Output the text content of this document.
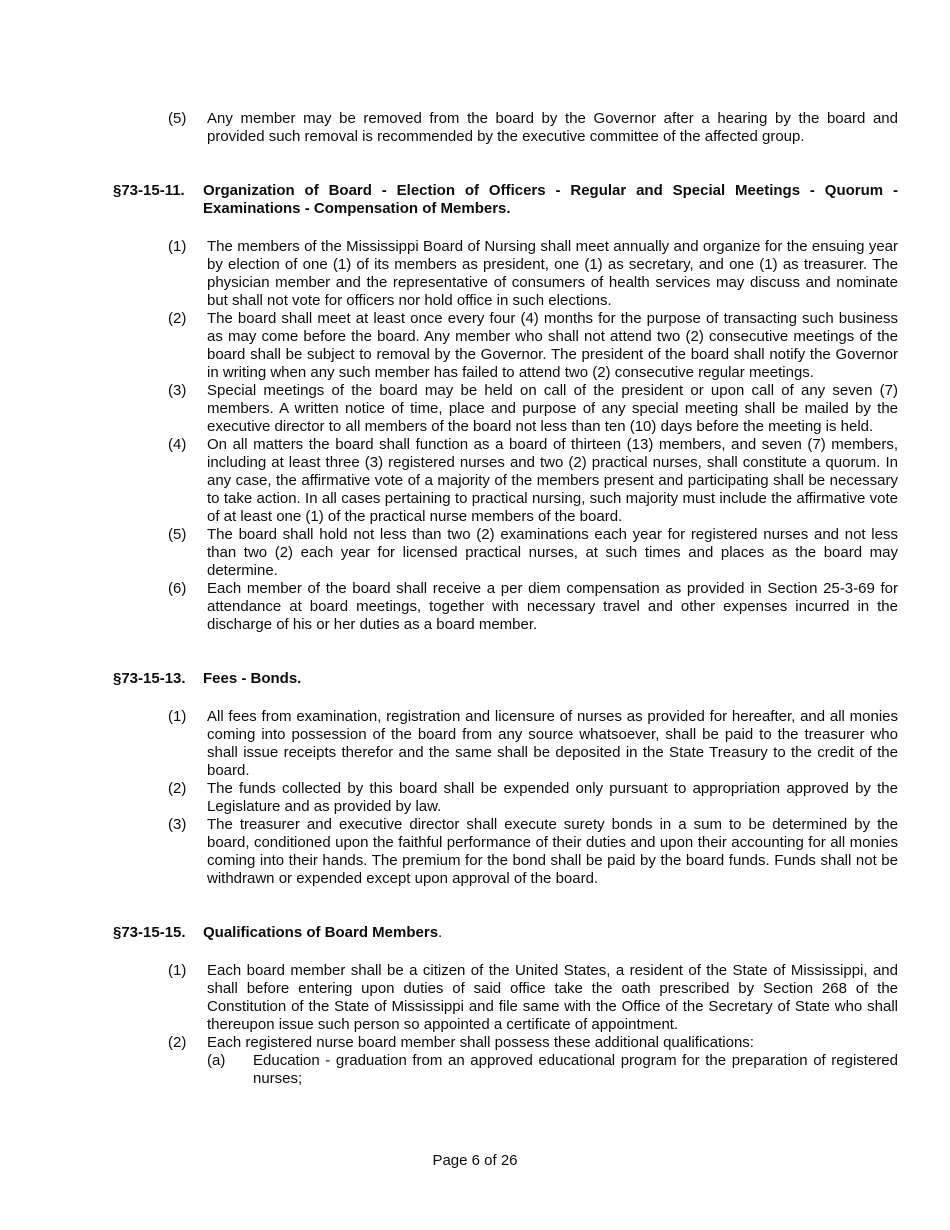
(5)	Any member may be removed from the board by the Governor after a hearing by the board and provided such removal is recommended by the executive committee of the affected group.
§73-15-11. Organization of Board - Election of Officers - Regular and Special Meetings - Quorum - Examinations - Compensation of Members.
(1)	The members of the Mississippi Board of Nursing shall meet annually and organize for the ensuing year by election of one (1) of its members as president, one (1) as secretary, and one (1) as treasurer. The physician member and the representative of consumers of health services may discuss and nominate but shall not vote for officers nor hold office in such elections.
(2)	The board shall meet at least once every four (4) months for the purpose of transacting such business as may come before the board. Any member who shall not attend two (2) consecutive meetings of the board shall be subject to removal by the Governor. The president of the board shall notify the Governor in writing when any such member has failed to attend two (2) consecutive regular meetings.
(3)	Special meetings of the board may be held on call of the president or upon call of any seven (7) members. A written notice of time, place and purpose of any special meeting shall be mailed by the executive director to all members of the board not less than ten (10) days before the meeting is held.
(4)	On all matters the board shall function as a board of thirteen (13) members, and seven (7) members, including at least three (3) registered nurses and two (2) practical nurses, shall constitute a quorum. In any case, the affirmative vote of a majority of the members present and participating shall be necessary to take action. In all cases pertaining to practical nursing, such majority must include the affirmative vote of at least one (1) of the practical nurse members of the board.
(5)	The board shall hold not less than two (2) examinations each year for registered nurses and not less than two (2) each year for licensed practical nurses, at such times and places as the board may determine.
(6)	Each member of the board shall receive a per diem compensation as provided in Section 25-3-69 for attendance at board meetings, together with necessary travel and other expenses incurred in the discharge of his or her duties as a board member.
§73-15-13. Fees - Bonds.
(1)	All fees from examination, registration and licensure of nurses as provided for hereafter, and all monies coming into possession of the board from any source whatsoever, shall be paid to the treasurer who shall issue receipts therefor and the same shall be deposited in the State Treasury to the credit of the board.
(2)	The funds collected by this board shall be expended only pursuant to appropriation approved by the Legislature and as provided by law.
(3)	The treasurer and executive director shall execute surety bonds in a sum to be determined by the board, conditioned upon the faithful performance of their duties and upon their accounting for all monies coming into their hands. The premium for the bond shall be paid by the board funds. Funds shall not be withdrawn or expended except upon approval of the board.
§73-15-15. Qualifications of Board Members.
(1)	Each board member shall be a citizen of the United States, a resident of the State of Mississippi, and shall before entering upon duties of said office take the oath prescribed by Section 268 of the Constitution of the State of Mississippi and file same with the Office of the Secretary of State who shall thereupon issue such person so appointed a certificate of appointment.
(2)	Each registered nurse board member shall possess these additional qualifications:
(a)	Education - graduation from an approved educational program for the preparation of registered nurses;
Page 6 of 26
